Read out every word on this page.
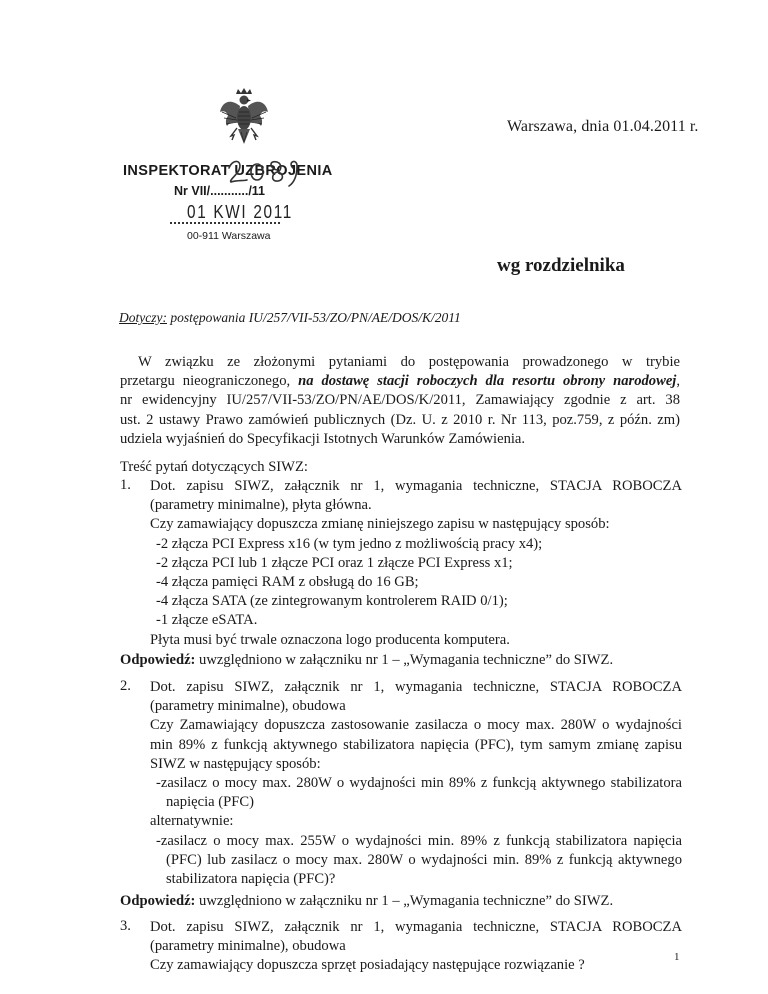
Warszawa, dnia 01.04.2011 r.
INSPEKTORAT UZBROJENIA
Nr VII/.........../11
01 KWI 2011
00-911 Warszawa
wg rozdzielnika
Dotyczy: postępowania IU/257/VII-53/ZO/PN/AE/DOS/K/2011

W związku ze złożonymi pytaniami do postępowania prowadzonego w trybie

przetargu nieograniczonego, na dostawę stacji roboczych dla resortu obrony narodowej,

nr ewidencyjny IU/257/VII-53/ZO/PN/AE/DOS/K/2011, Zamawiający zgodnie z art. 38

ust. 2 ustawy Prawo zamówień publicznych (Dz. U. z 2010 r. Nr 113, poz.759, z późn. zm)

udziela wyjaśnień do Specyfikacji Istotnych Warunków Zamówienia.

Treść pytań dotyczących SIWZ:
1. Dot. zapisu SIWZ, załącznik nr 1, wymagania techniczne, STACJA ROBOCZA

(parametry minimalne), płyta główna.

Czy zamawiający dopuszcza zmianę niniejszego zapisu w następujący sposób:

-2 złącza PCI Express x16 (w tym jedno z możliwością pracy x4);

-2 złącza PCI lub 1 złącze PCI oraz 1 złącze PCI Express x1;

-4 złącza pamięci RAM z obsługą do 16 GB;

-4 złącza SATA (ze zintegrowanym kontrolerem RAID 0/1);

-1 złącze eSATA.

Płyta musi być trwale oznaczona logo producenta komputera.

Odpowiedź: uwzględniono w załączniku nr 1 – „Wymagania techniczne” do SIWZ.
2. Dot. zapisu SIWZ, załącznik nr 1, wymagania techniczne, STACJA ROBOCZA

(parametry minimalne), obudowa

Czy Zamawiający dopuszcza zastosowanie zasilacza o mocy max. 280W o wydajności

min 89% z funkcją aktywnego stabilizatora napięcia (PFC), tym samym zmianę zapisu

SIWZ w następujący sposób:

-zasilacz o mocy max. 280W o wydajności min 89% z funkcją aktywnego stabilizatora

napięcia (PFC)

alternatywnie:

-zasilacz o mocy max. 255W o wydajności min. 89% z funkcją stabilizatora napięcia

(PFC) lub zasilacz o mocy max. 280W o wydajności min. 89% z funkcją aktywnego

stabilizatora napięcia (PFC)?

Odpowiedź: uwzględniono w załączniku nr 1 – „Wymagania techniczne” do SIWZ.
3. Dot. zapisu SIWZ, załącznik nr 1, wymagania techniczne, STACJA ROBOCZA

(parametry minimalne), obudowa

Czy zamawiający dopuszcza sprzęt posiadający następujące rozwiązanie ?

1
